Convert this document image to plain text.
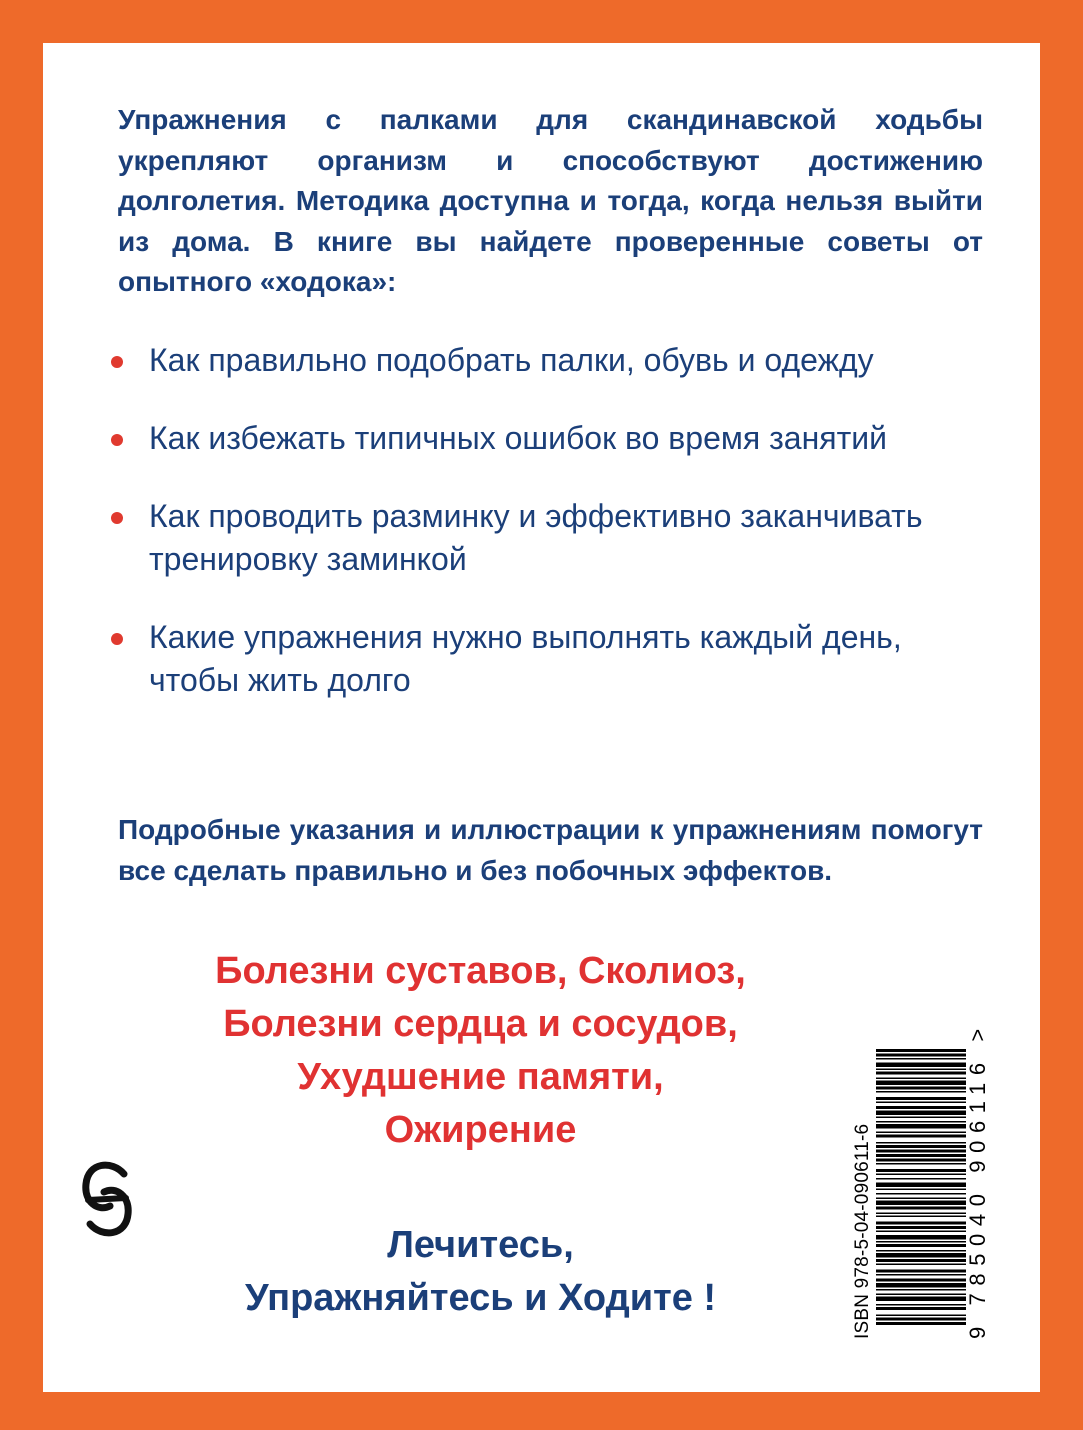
Упражнения с палками для скандинавской ходьбы укрепляют организм и способствуют достижению долголетия. Методика доступна и тогда, когда нельзя выйти из дома. В книге вы найдете проверенные советы от опытного «ходока»:

Как правильно подобрать палки, обувь и одежду
Как избежать типичных ошибок во время занятий
Как проводить разминку и эффективно заканчивать тренировку заминкой
Какие упражнения нужно выполнять каждый день, чтобы жить долго

Подробные указания и иллюстрации к упражнениям помогут все сделать правильно и без побочных эффектов.

Болезни суставов, Сколиоз,
Болезни сердца и сосудов,
Ухудшение памяти,
Ожирение
Лечитесь,
Упражняйтесь и Ходите !	ISBN 978-5-04-090611-6	9 785040 906116 >
